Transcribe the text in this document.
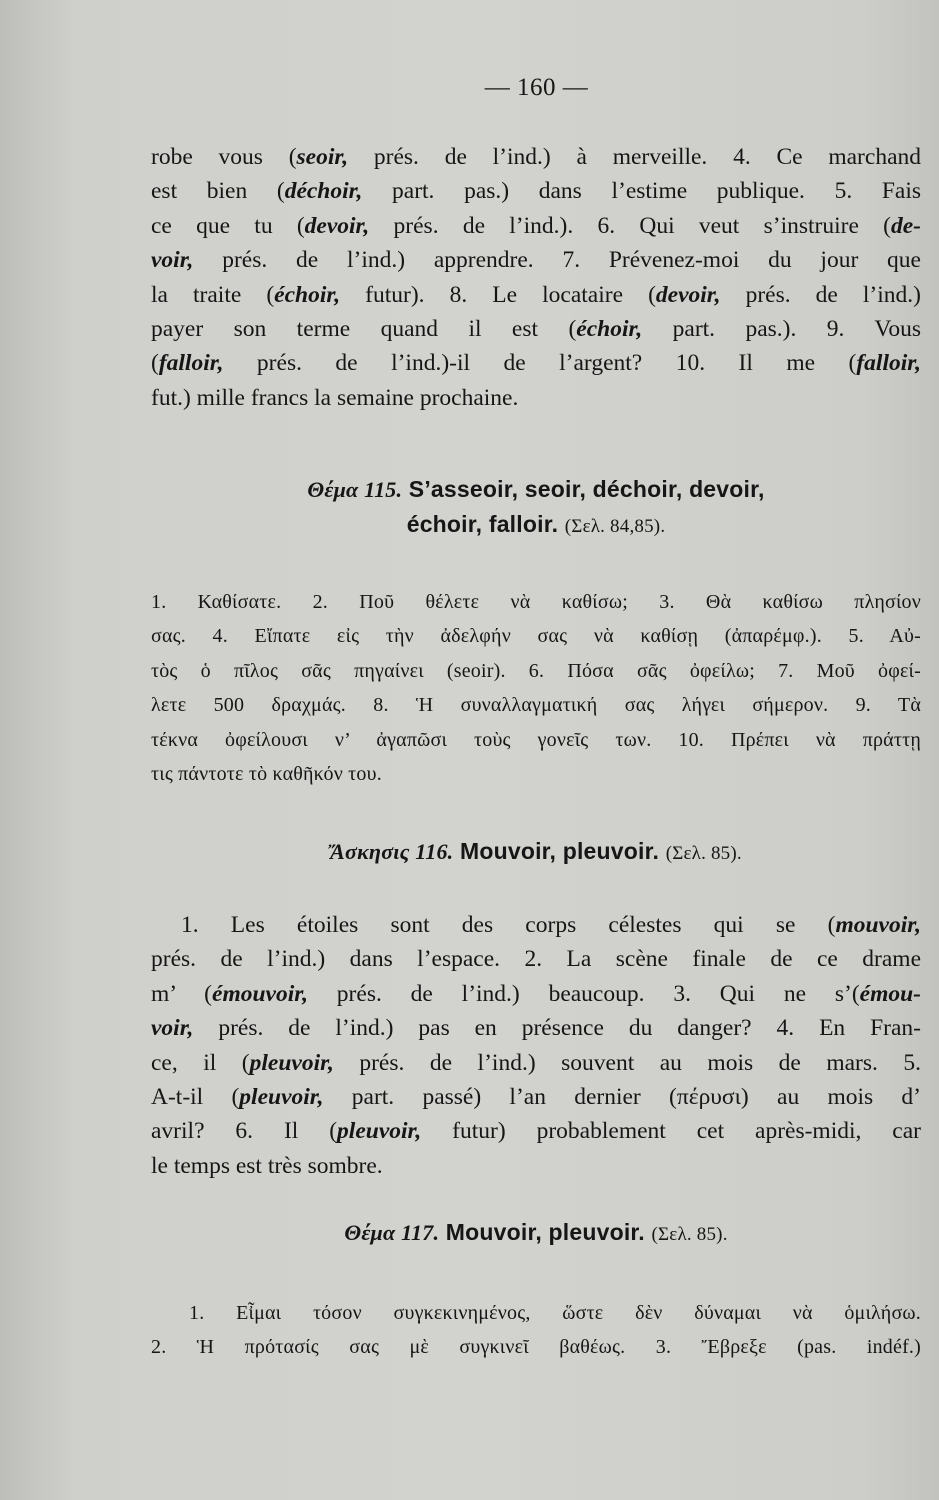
— 160 —
robe vous (seoir, prés. de l’ind.) à merveille. 4. Ce marchand
est bien (déchoir, part. pas.) dans l’estime publique. 5. Fais
ce que tu (devoir, prés. de l’ind.). 6. Qui veut s’instruire (de-
voir, prés. de l’ind.) apprendre. 7. Prévenez-moi du jour que
la traite (échoir, futur). 8. Le locataire (devoir, prés. de l’ind.)
payer son terme quand il est (échoir, part. pas.). 9. Vous
(falloir, prés. de l’ind.)-il de l’argent? 10. Il me (falloir,
fut.) mille francs la semaine prochaine.
Θέμα 115. S’asseoir, seoir, déchoir, devoir,
échoir, falloir. (Σελ. 84,85).
1. Καθίσατε. 2. Ποῦ θέλετε νὰ καθίσω; 3. Θὰ καθίσω πλησίον
σας. 4. Εἴπατε εἰς τὴν ἀδελφήν σας νὰ καθίσῃ (ἀπαρέμφ.). 5. Αὐ-
τὸς ὁ πῖλος σᾶς πηγαίνει (seoir). 6. Πόσα σᾶς ὀφείλω; 7. Μοῦ ὀφεί-
λετε 500 δραχμάς. 8. Ἡ συναλλαγματική σας λήγει σήμερον. 9. Τὰ
τέκνα ὀφείλουσι ν’ ἀγαπῶσι τοὺς γονεῖς των. 10. Πρέπει νὰ πράττῃ
τις πάντοτε τὸ καθῆκόν του.
Ἄσκησις 116. Mouvoir, pleuvoir. (Σελ. 85).
1. Les étoiles sont des corps célestes qui se (mouvoir,
prés. de l’ind.) dans l’espace. 2. La scène finale de ce drame
m’ (émouvoir, prés. de l’ind.) beaucoup. 3. Qui ne s’(émou-
voir, prés. de l’ind.) pas en présence du danger? 4. En Fran-
ce, il (pleuvoir, prés. de l’ind.) souvent au mois de mars. 5.
A-t-il (pleuvoir, part. passé) l’an dernier (πέρυσι) au mois d’
avril? 6. Il (pleuvoir, futur) probablement cet après-midi, car
le temps est très sombre.
Θέμα 117. Mouvoir, pleuvoir. (Σελ. 85).
1. Εἶμαι τόσον συγκεκινημένος, ὥστε δὲν δύναμαι νὰ ὁμιλήσω.
2. Ἡ πρότασίς σας μὲ συγκινεῖ βαθέως. 3. Ἔβρεξε (pas. indéf.)
